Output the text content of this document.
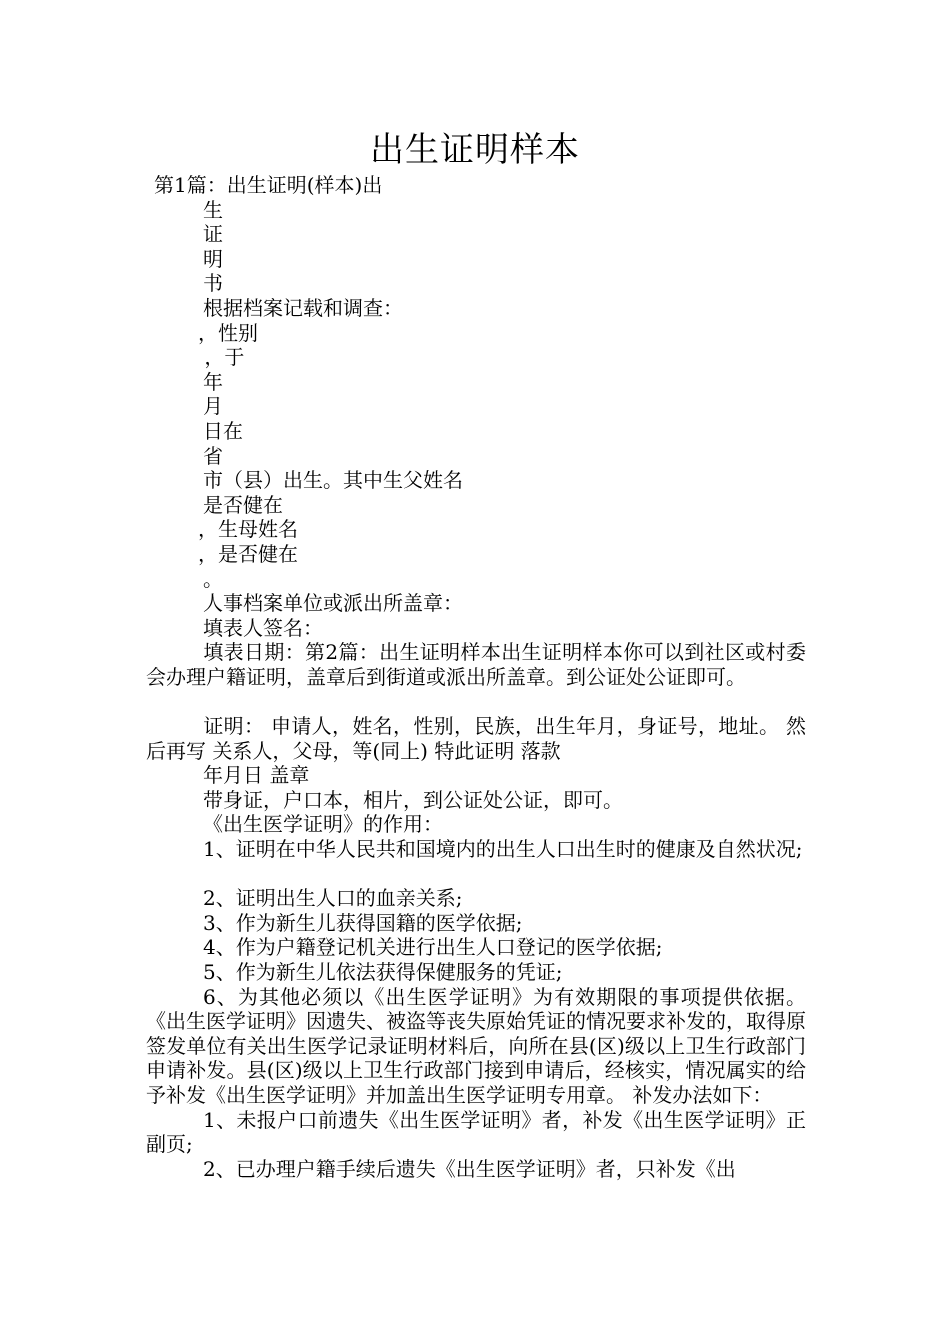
出生证明样本

第1篇：出生证明(样本)出

生

证

明

书

根据档案记载和调查：

，性别

，于

年

月

日在

省

市（县）出生。其中生父姓名

是否健在

，生母姓名

，是否健在

。

人事档案单位或派出所盖章：

填表人签名：

填表日期：第2篇：出生证明样本出生证明样本你可以到社区或村委会办理户籍证明，盖章后到街道或派出所盖章。到公证处公证即可。

证明： 申请人，姓名，性别，民族，出生年月，身证号，地址。 然后再写 关系人，父母，等(同上) 特此证明 落款

年月日 盖章

带身证，户口本，相片，到公证处公证，即可。

《出生医学证明》的作用：

1、证明在中华人民共和国境内的出生人口出生时的健康及自然状况;

2、证明出生人口的血亲关系;

3、作为新生儿获得国籍的医学依据;

4、作为户籍登记机关进行出生人口登记的医学依据;

5、作为新生儿依法获得保健服务的凭证;

6、为其他必须以《出生医学证明》为有效期限的事项提供依据。 《出生医学证明》因遗失、被盗等丧失原始凭证的情况要求补发的，取得原签发单位有关出生医学记录证明材料后，向所在县(区)级以上卫生行政部门申请补发。县(区)级以上卫生行政部门接到申请后，经核实，情况属实的给予补发《出生医学证明》并加盖出生医学证明专用章。 补发办法如下：

1、未报户口前遗失《出生医学证明》者，补发《出生医学证明》正副页;

2、已办理户籍手续后遗失《出生医学证明》者，只补发《出
